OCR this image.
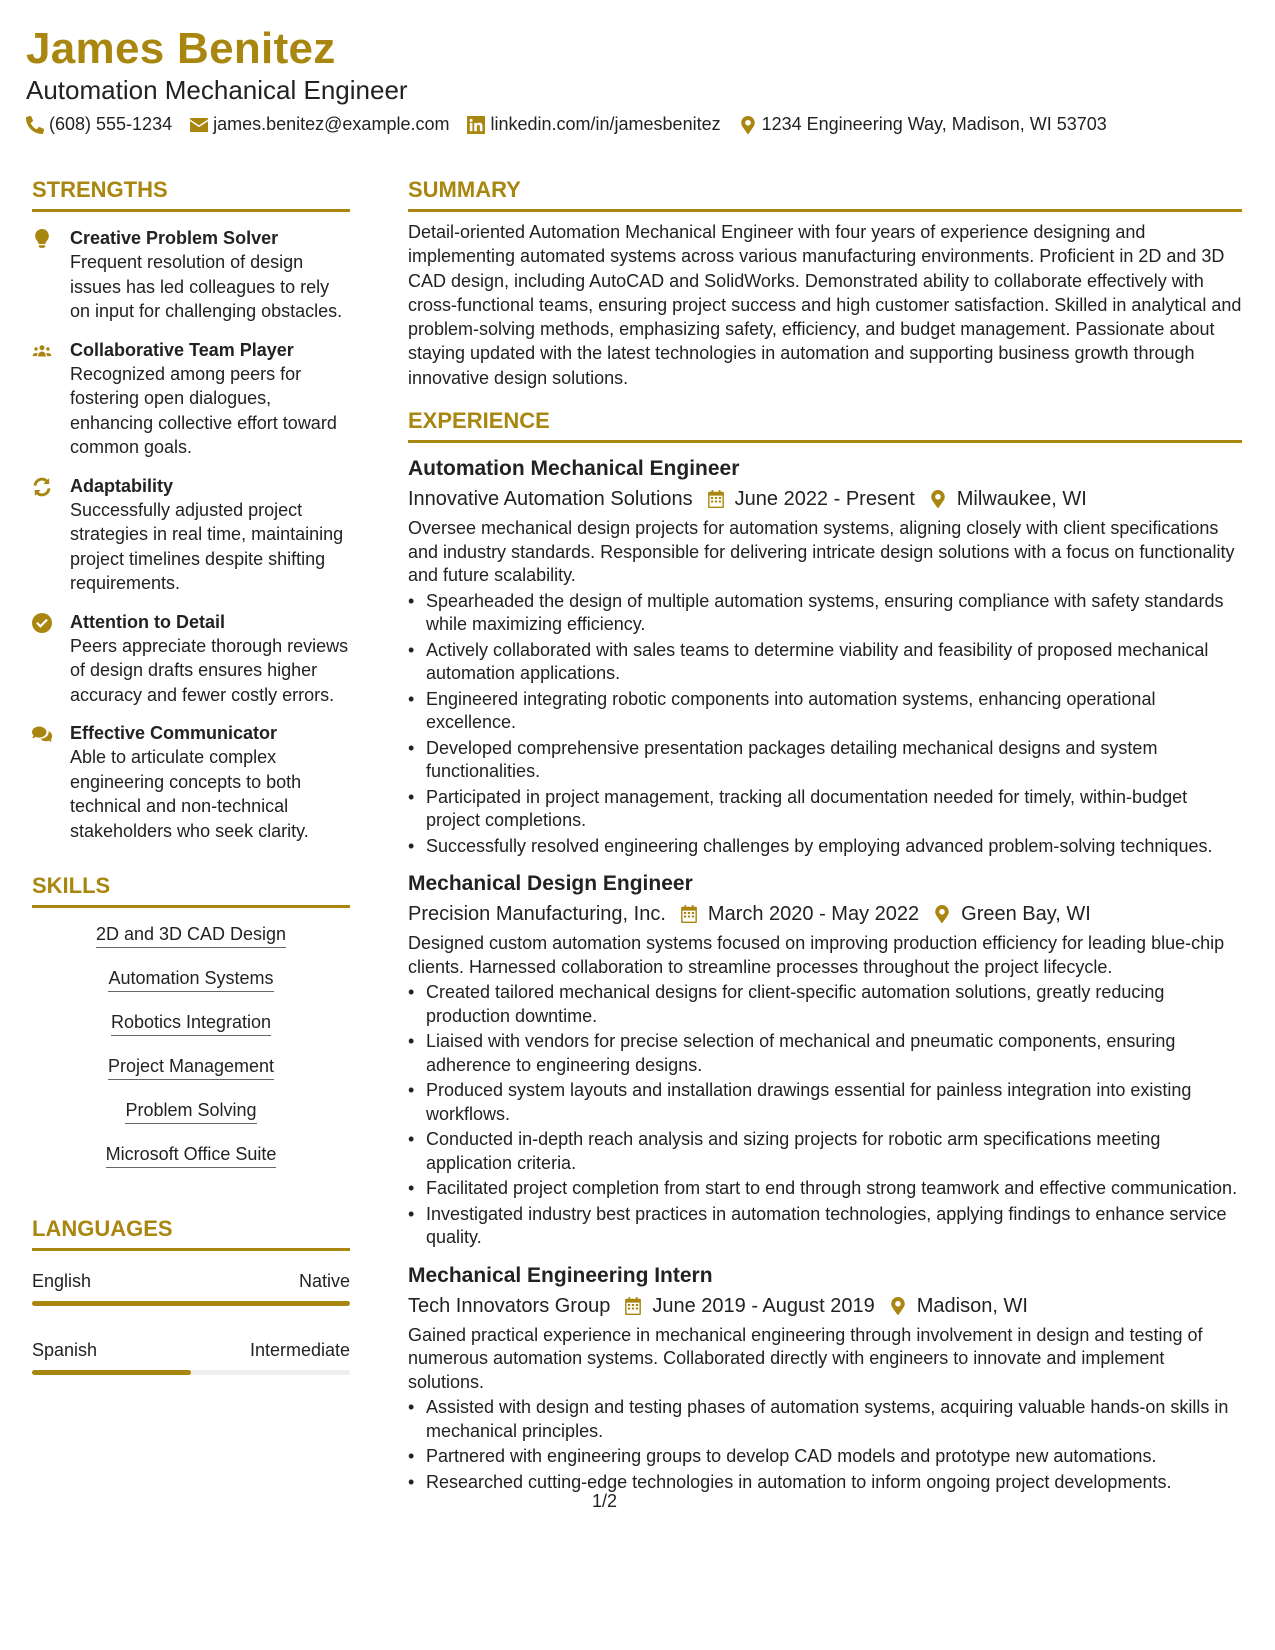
James Benitez
Automation Mechanical Engineer
(608) 555-1234 james.benitez@example.com linkedin.com/in/jamesbenitez 1234 Engineering Way, Madison, WI 53703
STRENGTHS
Creative Problem Solver
Frequent resolution of design issues has led colleagues to rely on input for challenging obstacles.
Collaborative Team Player
Recognized among peers for fostering open dialogues, enhancing collective effort toward common goals.
Adaptability
Successfully adjusted project strategies in real time, maintaining project timelines despite shifting requirements.
Attention to Detail
Peers appreciate thorough reviews of design drafts ensures higher accuracy and fewer costly errors.
Effective Communicator
Able to articulate complex engineering concepts to both technical and non-technical stakeholders who seek clarity.
SKILLS
2D and 3D CAD Design
Automation Systems
Robotics Integration
Project Management
Problem Solving
Microsoft Office Suite
LANGUAGES
English	Native
Spanish	Intermediate
SUMMARY
Detail-oriented Automation Mechanical Engineer with four years of experience designing and implementing automated systems across various manufacturing environments. Proficient in 2D and 3D CAD design, including AutoCAD and SolidWorks. Demonstrated ability to collaborate effectively with cross-functional teams, ensuring project success and high customer satisfaction. Skilled in analytical and problem-solving methods, emphasizing safety, efficiency, and budget management. Passionate about staying updated with the latest technologies in automation and supporting business growth through innovative design solutions.
EXPERIENCE
Automation Mechanical Engineer
Innovative Automation Solutions June 2022 - Present Milwaukee, WI
Oversee mechanical design projects for automation systems, aligning closely with client specifications and industry standards. Responsible for delivering intricate design solutions with a focus on functionality and future scalability.
• Spearheaded the design of multiple automation systems, ensuring compliance with safety standards while maximizing efficiency.
• Actively collaborated with sales teams to determine viability and feasibility of proposed mechanical automation applications.
• Engineered integrating robotic components into automation systems, enhancing operational excellence.
• Developed comprehensive presentation packages detailing mechanical designs and system functionalities.
• Participated in project management, tracking all documentation needed for timely, within-budget project completions.
• Successfully resolved engineering challenges by employing advanced problem-solving techniques.
Mechanical Design Engineer
Precision Manufacturing, Inc. March 2020 - May 2022 Green Bay, WI
Designed custom automation systems focused on improving production efficiency for leading blue-chip clients. Harnessed collaboration to streamline processes throughout the project lifecycle.
• Created tailored mechanical designs for client-specific automation solutions, greatly reducing production downtime.
• Liaised with vendors for precise selection of mechanical and pneumatic components, ensuring adherence to engineering designs.
• Produced system layouts and installation drawings essential for painless integration into existing workflows.
• Conducted in-depth reach analysis and sizing projects for robotic arm specifications meeting application criteria.
• Facilitated project completion from start to end through strong teamwork and effective communication.
• Investigated industry best practices in automation technologies, applying findings to enhance service quality.
Mechanical Engineering Intern
Tech Innovators Group June 2019 - August 2019 Madison, WI
Gained practical experience in mechanical engineering through involvement in design and testing of numerous automation systems. Collaborated directly with engineers to innovate and implement solutions.
• Assisted with design and testing phases of automation systems, acquiring valuable hands-on skills in mechanical principles.
• Partnered with engineering groups to develop CAD models and prototype new automations.
• Researched cutting-edge technologies in automation to inform ongoing project developments.
1/2
